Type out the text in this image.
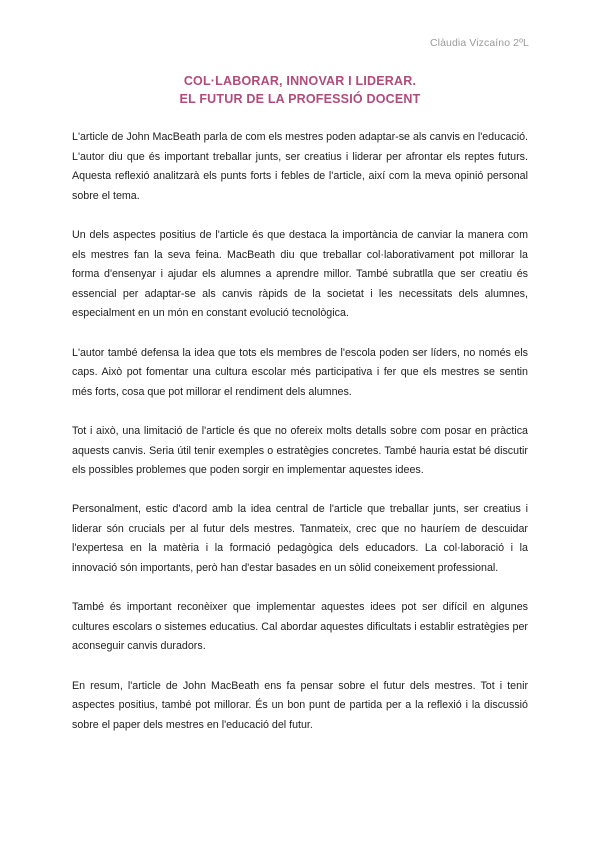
Clàudia Vizcaíno 2ºL
COL·LABORAR, INNOVAR I LIDERAR.
EL FUTUR DE LA PROFESSIÓ DOCENT

L'article de John MacBeath parla de com els mestres poden adaptar-se als canvis en l'educació. L'autor diu que és important treballar junts, ser creatius i liderar per afrontar els reptes futurs. Aquesta reflexió analitzarà els punts forts i febles de l'article, així com la meva opinió personal sobre el tema.

Un dels aspectes positius de l'article és que destaca la importància de canviar la manera com els mestres fan la seva feina. MacBeath diu que treballar col·laborativament pot millorar la forma d'ensenyar i ajudar els alumnes a aprendre millor. També subratlla que ser creatiu és essencial per adaptar-se als canvis ràpids de la societat i les necessitats dels alumnes, especialment en un món en constant evolució tecnològica.

L'autor també defensa la idea que tots els membres de l'escola poden ser líders, no només els caps. Això pot fomentar una cultura escolar més participativa i fer que els mestres se sentin més forts, cosa que pot millorar el rendiment dels alumnes.

Tot i això, una limitació de l'article és que no ofereix molts detalls sobre com posar en pràctica aquests canvis. Seria útil tenir exemples o estratègies concretes. També hauria estat bé discutir els possibles problemes que poden sorgir en implementar aquestes idees.

Personalment, estic d'acord amb la idea central de l'article que treballar junts, ser creatius i liderar són crucials per al futur dels mestres. Tanmateix, crec que no hauríem de descuidar l'expertesa en la matèria i la formació pedagògica dels educadors. La col·laboració i la innovació són importants, però han d'estar basades en un sòlid coneixement professional.

També és important reconèixer que implementar aquestes idees pot ser difícil en algunes cultures escolars o sistemes educatius. Cal abordar aquestes dificultats i establir estratègies per aconseguir canvis duradors.

En resum, l'article de John MacBeath ens fa pensar sobre el futur dels mestres. Tot i tenir aspectes positius, també pot millorar. És un bon punt de partida per a la reflexió i la discussió sobre el paper dels mestres en l'educació del futur.
